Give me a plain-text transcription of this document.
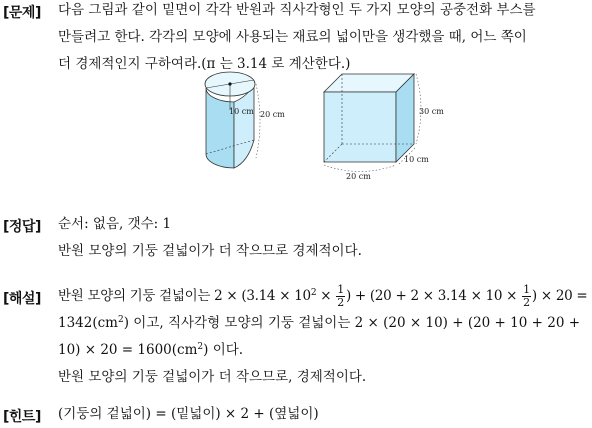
[문제] 다음 그림과 같이 밑면이 각각 반원과 직사각형인 두 가지 모양의 공중전화 부스를
만들려고 한다. 각각의 모양에 사용되는 재료의 넓이만을 생각했을 때, 어느 쪽이
더 경제적인지 구하여라.(π 는 3.14 로 계산한다.)
10 cm 20 cm	30 cm
10 cm
20 cm
[정답] 순서: 없음, 갯수: 1
반원 모양의 기둥 겉넓이가 더 작으므로 경제적이다.
[해설] 반원 모양의 기둥 겉넓이는 $2 \times (3.14 \times 10^2 \times \frac{1}{2}$ ) + ($20 + 2 \times 3.14 \times 10 \times \frac{1}{2}$ ) × 20 =
$1342(cm^2)$ 이고, 직사각형 모양의 기둥 겉넓이는 2 × (20 × 10) + (20 + 10 + 20 +
$10) \times 20 = 1600(cm^2)$ 이다.
반원 모양의 기둥 겉넓이가 더 작으므로, 경제적이다.
[힌트] (기둥의 겉넓이) = (밑넓이) × 2 + (옆넓이)
